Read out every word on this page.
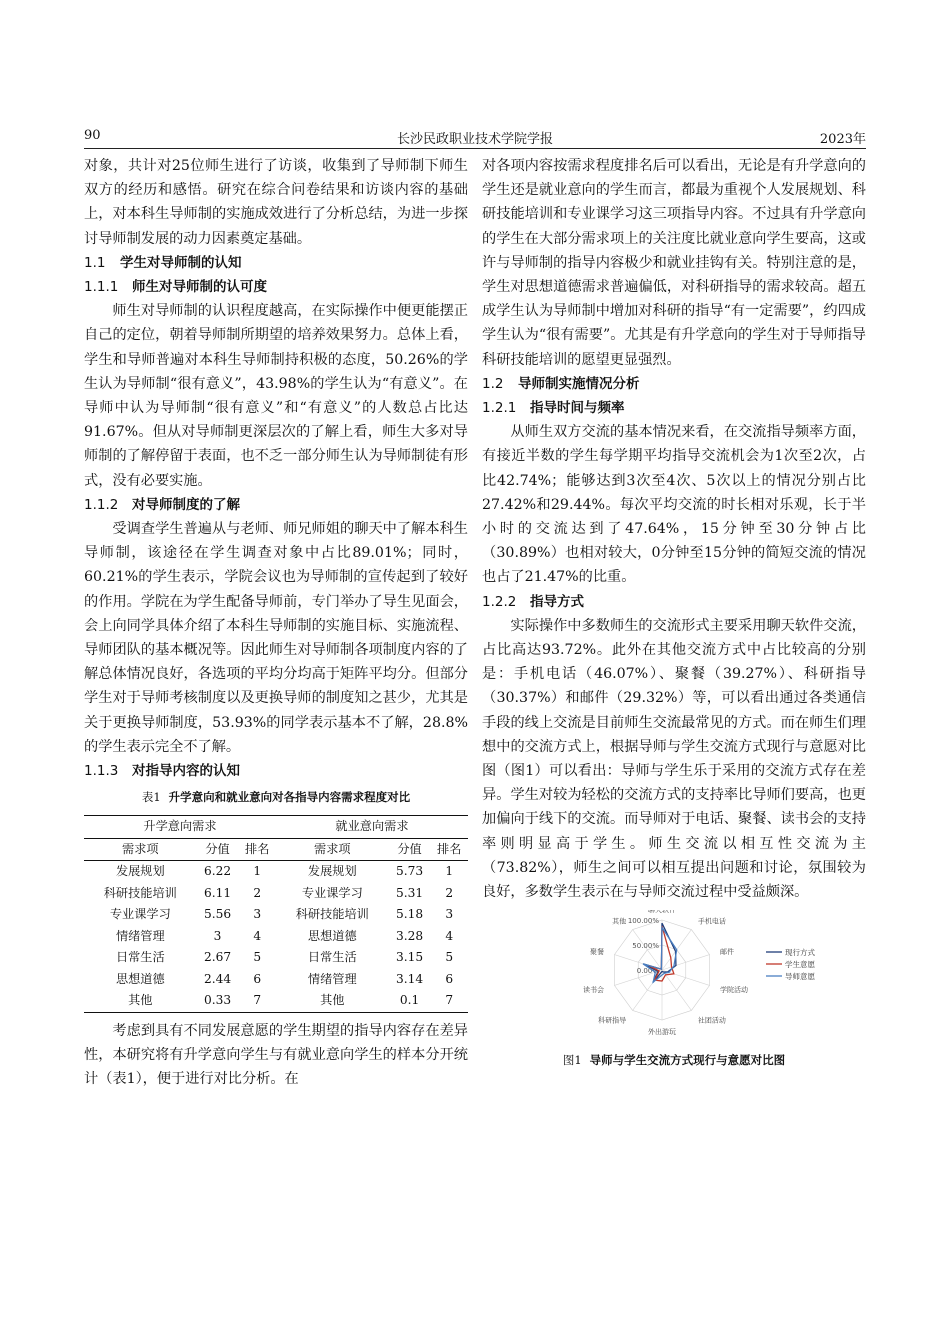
90	长沙民政职业技术学院学报	2023年

对象，共计对25位师生进行了访谈，收集到了导师制下师生双方的经历和感悟。研究在综合问卷结果和访谈内容的基础上，对本科生导师制的实施成效进行了分析总结，为进一步探讨导师制发展的动力因素奠定基础。

1.1 学生对导师制的认知

1.1.1 师生对导师制的认可度

师生对导师制的认识程度越高，在实际操作中便更能摆正自己的定位，朝着导师制所期望的培养效果努力。总体上看，学生和导师普遍对本科生导师制持积极的态度，50.26%的学生认为导师制“很有意义”，43.98%的学生认为“有意义”。在导师中认为导师制“很有意义”和“有意义”的人数总占比达91.67%。但从对导师制更深层次的了解上看，师生大多对导师制的了解停留于表面，也不乏一部分师生认为导师制徒有形式，没有必要实施。

1.1.2 对导师制度的了解

受调查学生普遍从与老师、师兄师姐的聊天中了解本科生导师制，该途径在学生调查对象中占比89.01%；同时，60.21%的学生表示，学院会议也为导师制的宣传起到了较好的作用。学院在为学生配备导师前，专门举办了导生见面会，会上向同学具体介绍了本科生导师制的实施目标、实施流程、导师团队的基本概况等。因此师生对导师制各项制度内容的了解总体情况良好，各选项的平均分均高于矩阵平均分。但部分学生对于导师考核制度以及更换导师的制度知之甚少，尤其是关于更换导师制度，53.93%的同学表示基本不了解，28.8%的学生表示完全不了解。

1.1.3 对指导内容的认知

表1 升学意向和就业意向对各指导内容需求程度对比
升学意向需求			就业意向需求		
需求项	分值	排名	需求项	分值	排名
发展规划	6.22	1	发展规划	5.73	1
科研技能培训	6.11	2	专业课学习	5.31	2
专业课学习	5.56	3	科研技能培训	5.18	3
情绪管理	3	4	思想道德	3.28	4
日常生活	2.67	5	日常生活	3.15	5
思想道德	2.44	6	情绪管理	3.14	6
其他	0.33	7	其他	0.1	7

考虑到具有不同发展意愿的学生期望的指导内容存在差异性，本研究将有升学意向学生与有就业意向学生的样本分开统计（表1），便于进行对比分析。在

对各项内容按需求程度排名后可以看出，无论是有升学意向的学生还是就业意向的学生而言，都最为重视个人发展规划、科研技能培训和专业课学习这三项指导内容。不过具有升学意向的学生在大部分需求项上的关注度比就业意向学生要高，这或许与导师制的指导内容极少和就业挂钩有关。特别注意的是，学生对思想道德需求普遍偏低，对科研指导的需求较高。超五成学生认为导师制中增加对科研的指导“有一定需要”，约四成学生认为“很有需要”。尤其是有升学意向的学生对于导师指导科研技能培训的愿望更显强烈。

1.2 导师制实施情况分析

1.2.1 指导时间与频率

从师生双方交流的基本情况来看，在交流指导频率方面，有接近半数的学生每学期平均指导交流机会为1次至2次，占比42.74%；能够达到3次至4次、5次以上的情况分别占比27.42%和29.44%。每次平均交流的时长相对乐观，长于半小时的交流达到了47.64%，15分钟至30分钟占比（30.89%）也相对较大，0分钟至15分钟的简短交流的情况也占了21.47%的比重。

1.2.2 指导方式

实际操作中多数师生的交流形式主要采用聊天软件交流，占比高达93.72%。此外在其他交流方式中占比较高的分别是：手机电话（46.07%）、聚餐（39.27%）、科研指导（30.37%）和邮件（29.32%）等，可以看出通过各类通信手段的线上交流是目前师生交流最常见的方式。而在师生们理想中的交流方式上，根据导师与学生交流方式现行与意愿对比图（图1）可以看出：导师与学生乐于采用的交流方式存在差异。学生对较为轻松的交流方式的支持率比导师们要高，也更加偏向于线下的交流。而导师对于电话、聚餐、读书会的支持率则明显高于学生。师生交流以相互性交流为主（73.82%），师生之间可以相互提出问题和讨论，氛围较为良好，多数学生表示在与导师交流过程中受益颇深。

聊天软件
手机电话
邮件
学院活动
社团活动
外出游玩
科研指导
读书会
聚餐
其他
0.00%
50.00%
100.00%
现行方式
学生意愿
导师意愿
图1 导师与学生交流方式现行与意愿对比图
